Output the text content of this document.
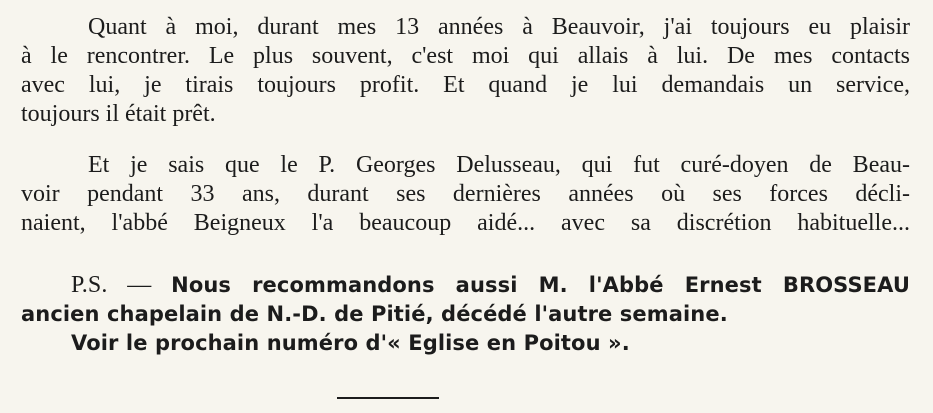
Quant à moi, durant mes 13 années à Beauvoir, j'ai toujours eu plaisir
à le rencontrer. Le plus souvent, c'est moi qui allais à lui. De mes contacts
avec lui, je tirais toujours profit. Et quand je lui demandais un service,
toujours il était prêt.
Et je sais que le P. Georges Delusseau, qui fut curé-doyen de Beau-
voir pendant 33 ans, durant ses dernières années où ses forces décli-
naient, l'abbé Beigneux l'a beaucoup aidé... avec sa discrétion habituelle...
P.S. — Nous recommandons aussi M. l'Abbé Ernest BROSSEAU
ancien chapelain de N.-D. de Pitié, décédé l'autre semaine.
Voir le prochain numéro d'« Eglise en Poitou ».
